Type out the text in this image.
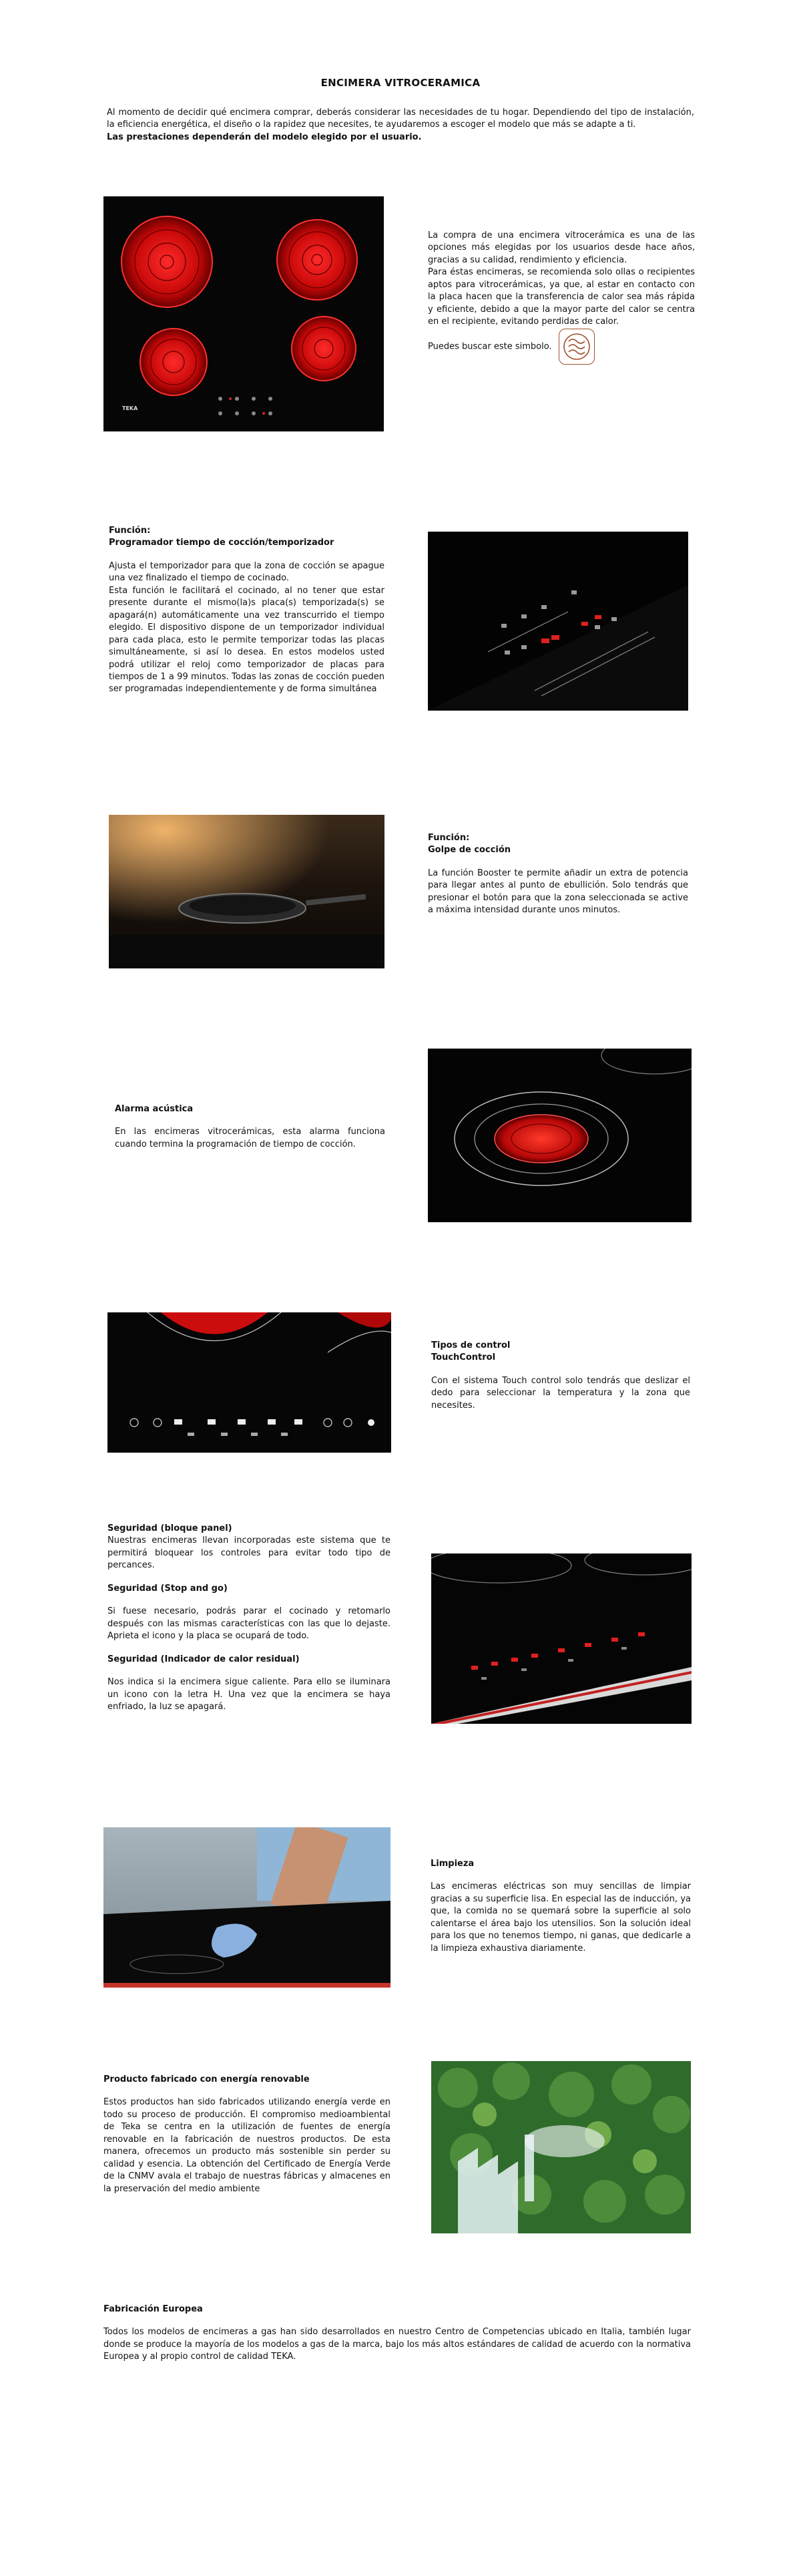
ENCIMERA VITROCERAMICA

Al momento de decidir qué encimera comprar, deberás considerar las necesidades de tu hogar. Dependiendo del tipo de instalación, la eficiencia energética, el diseño o la rapidez que necesites, te ayudaremos a escoger el modelo que más se adapte a ti.

Las prestaciones dependerán del modelo elegido por el usuario.

TEKA

La compra de una encimera vitrocerámica es una de las opciones más elegidas por los usuarios desde hace años, gracias a su calidad, rendimiento y eficiencia.

Para éstas encimeras, se recomienda solo ollas o recipientes aptos para vitrocerámicas, ya que, al estar en contacto con la placa hacen que la transferencia de calor sea más rápida y eficiente, debido a que la mayor parte del calor se centra en el recipiente, evitando perdidas de calor.

Puedes buscar este simbolo.

Función:

Programador tiempo de cocción/temporizador

Ajusta el temporizador para que la zona de cocción se apague una vez finalizado el tiempo de cocinado.

Esta función le facilitará el cocinado, al no tener que estar presente durante el mismo(la)s placa(s) temporizada(s) se apagará(n) automáticamente una vez transcurrido el tiempo elegido. El dispositivo dispone de un temporizador individual para cada placa, esto le permite temporizar todas las placas simultáneamente, si así lo desea. En estos modelos usted podrá utilizar el reloj como temporizador de placas para tiempos de 1 a 99 minutos. Todas las zonas de cocción pueden ser programadas independientemente y de forma simultánea

Función:

Golpe de cocción

La función Booster te permite añadir un extra de potencia para llegar antes al punto de ebullición. Solo tendrás que presionar el botón para que la zona seleccionada se active a máxima intensidad durante unos minutos.

Alarma acústica

En las encimeras vitrocerámicas, esta alarma funciona cuando termina la programación de tiempo de cocción.

Tipos de control

TouchControl

Con el sistema Touch control solo tendrás que deslizar el dedo para seleccionar la temperatura y la zona que necesites.

Seguridad (bloque panel)

Nuestras encimeras llevan incorporadas este sistema que te permitirá bloquear los controles para evitar todo tipo de percances.

Seguridad (Stop and go)

Si fuese necesario, podrás parar el cocinado y retomarlo después con las mismas características con las que lo dejaste. Aprieta el icono y la placa se ocupará de todo.

Seguridad (Indicador de calor residual)

Nos indica si la encimera sigue caliente. Para ello se iluminara un icono con la letra H. Una vez que la encimera se haya enfriado, la luz se apagará.

Limpieza

Las encimeras eléctricas son muy sencillas de limpiar gracias a su superficie lisa. En especial las de inducción, ya que, la comida no se quemará sobre la superficie al solo calentarse el área bajo los utensilios. Son la solución ideal para los que no tenemos tiempo, ni ganas, que dedicarle a la limpieza exhaustiva diariamente.

Producto fabricado con energía renovable

Estos productos han sido fabricados utilizando energía verde en todo su proceso de producción. El compromiso medioambiental de Teka se centra en la utilización de fuentes de energía renovable en la fabricación de nuestros productos. De esta manera, ofrecemos un producto más sostenible sin perder su calidad y esencia. La obtención del Certificado de Energía Verde de la CNMV avala el trabajo de nuestras fábricas y almacenes en la preservación del medio ambiente

Fabricación Europea

Todos los modelos de encimeras a gas han sido desarrollados en nuestro Centro de Competencias ubicado en Italia, también lugar donde se produce la mayoría de los modelos a gas de la marca, bajo los más altos estándares de calidad de acuerdo con la normativa Europea y al propio control de calidad TEKA.
